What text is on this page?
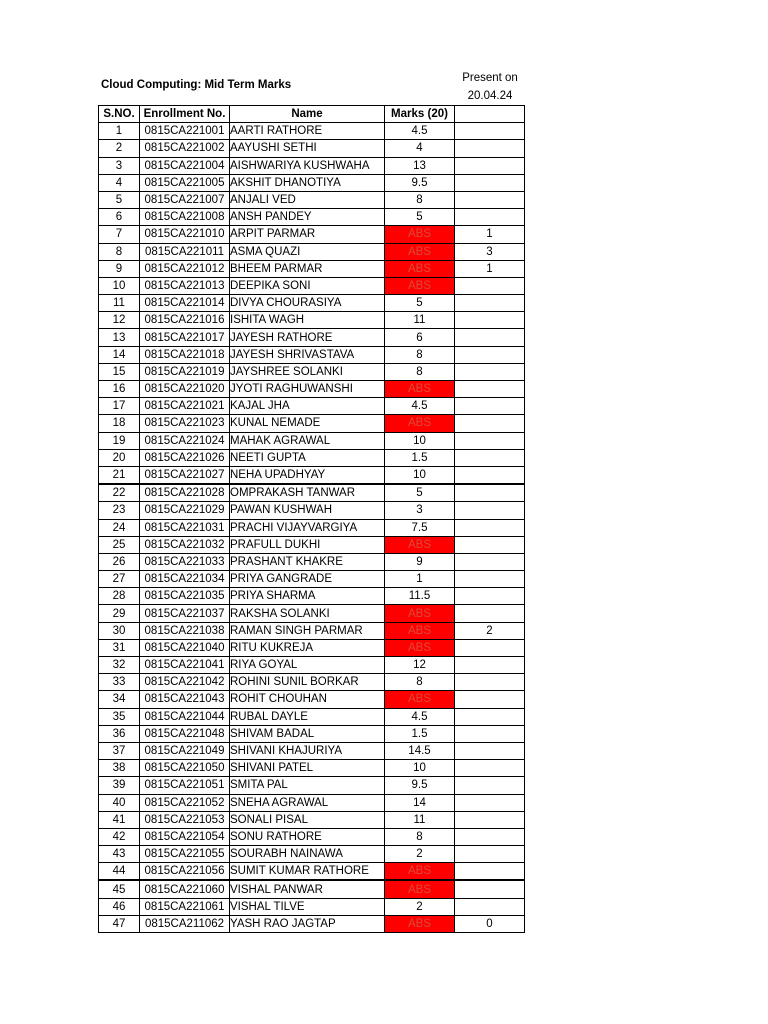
Cloud Computing: Mid Term Marks
Present on
20.04.24
S.NO.	Enrollment No.	Name	Marks (20)	
1	0815CA221001	AARTI RATHORE	4.5	
2	0815CA221002	AAYUSHI SETHI	4	
3	0815CA221004	AISHWARIYA KUSHWAHA	13	
4	0815CA221005	AKSHIT DHANOTIYA	9.5	
5	0815CA221007	ANJALI VED	8	
6	0815CA221008	ANSH PANDEY	5	
7	0815CA221010	ARPIT PARMAR	ABS	1
8	0815CA221011	ASMA QUAZI	ABS	3
9	0815CA221012	BHEEM PARMAR	ABS	1
10	0815CA221013	DEEPIKA SONI	ABS	
11	0815CA221014	DIVYA CHOURASIYA	5	
12	0815CA221016	ISHITA WAGH	11	
13	0815CA221017	JAYESH RATHORE	6	
14	0815CA221018	JAYESH SHRIVASTAVA	8	
15	0815CA221019	JAYSHREE SOLANKI	8	
16	0815CA221020	JYOTI RAGHUWANSHI	ABS	
17	0815CA221021	KAJAL JHA	4.5	
18	0815CA221023	KUNAL NEMADE	ABS	
19	0815CA221024	MAHAK AGRAWAL	10	
20	0815CA221026	NEETI GUPTA	1.5	
21	0815CA221027	NEHA UPADHYAY	10	
22	0815CA221028	OMPRAKASH TANWAR	5	
23	0815CA221029	PAWAN KUSHWAH	3	
24	0815CA221031	PRACHI VIJAYVARGIYA	7.5	
25	0815CA221032	PRAFULL DUKHI	ABS	
26	0815CA221033	PRASHANT KHAKRE	9	
27	0815CA221034	PRIYA GANGRADE	1	
28	0815CA221035	PRIYA SHARMA	11.5	
29	0815CA221037	RAKSHA SOLANKI	ABS	
30	0815CA221038	RAMAN SINGH PARMAR	ABS	2
31	0815CA221040	RITU KUKREJA	ABS	
32	0815CA221041	RIYA GOYAL	12	
33	0815CA221042	ROHINI SUNIL BORKAR	8	
34	0815CA221043	ROHIT CHOUHAN	ABS	
35	0815CA221044	RUBAL DAYLE	4.5	
36	0815CA221048	SHIVAM BADAL	1.5	
37	0815CA221049	SHIVANI KHAJURIYA	14.5	
38	0815CA221050	SHIVANI PATEL	10	
39	0815CA221051	SMITA PAL	9.5	
40	0815CA221052	SNEHA AGRAWAL	14	
41	0815CA221053	SONALI PISAL	11	
42	0815CA221054	SONU RATHORE	8	
43	0815CA221055	SOURABH NAINAWA	2	
44	0815CA221056	SUMIT KUMAR RATHORE	ABS	
45	0815CA221060	VISHAL PANWAR	ABS	
46	0815CA221061	VISHAL TILVE	2	
47	0815CA211062	YASH RAO JAGTAP	ABS	0
